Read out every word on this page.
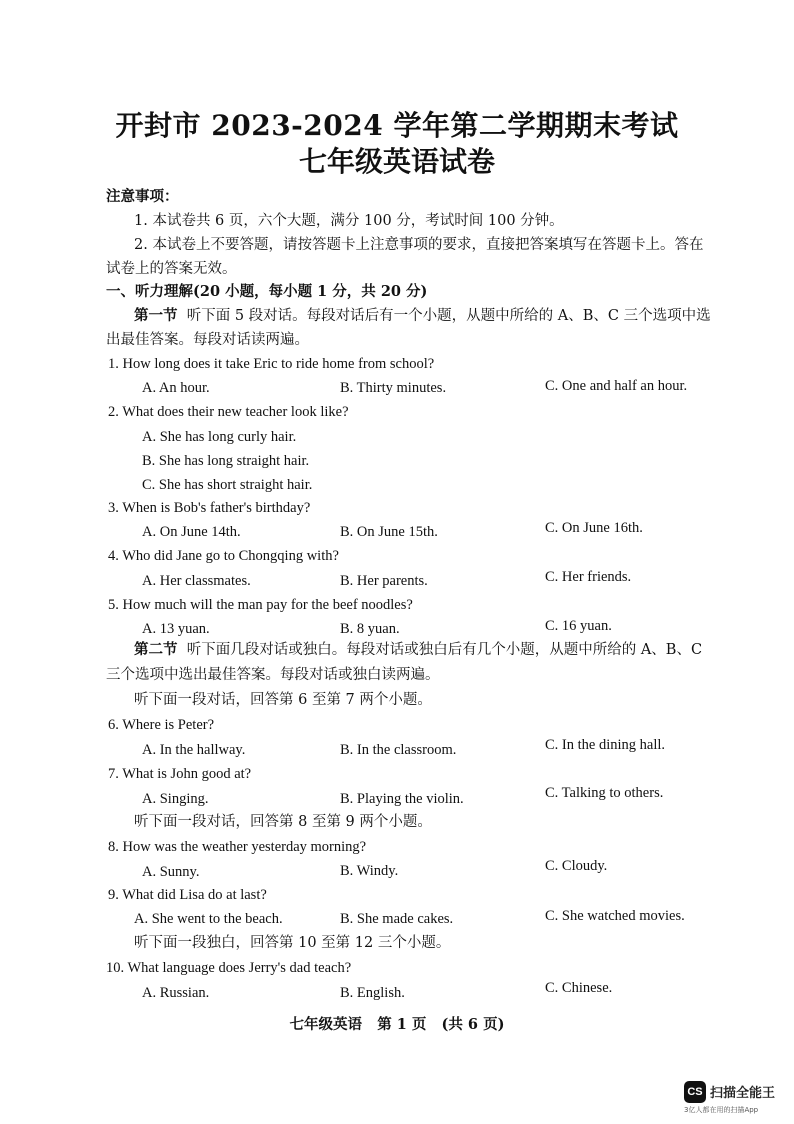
开封市 2023-2024 学年第二学期期末考试
七年级英语试卷
注意事项：
1. 本试卷共 6 页，六个大题，满分 100 分，考试时间 100 分钟。
2. 本试卷上不要答题，请按答题卡上注意事项的要求，直接把答案填写在答题卡上。答在
试卷上的答案无效。
一、听力理解(20 小题，每小题 1 分，共 20 分)
第一节 听下面 5 段对话。每段对话后有一个小题，从题中所给的 A、B、C 三个选项中选
出最佳答案。每段对话读两遍。
1. How long does it take Eric to ride home from school?
A. An hour.	B. Thirty minutes.	C. One and half an hour.
2. What does their new teacher look like?
A. She has long curly hair.
B. She has long straight hair.
C. She has short straight hair.
3. When is Bob's father's birthday?
A. On June 14th.	B. On June 15th.	C. On June 16th.
4. Who did Jane go to Chongqing with?
A. Her classmates.	B. Her parents.	C. Her friends.
5. How much will the man pay for the beef noodles?
A. 13 yuan.	B. 8 yuan.	C. 16 yuan.
第二节 听下面几段对话或独白。每段对话或独白后有几个小题，从题中所给的 A、B、C
三个选项中选出最佳答案。每段对话或独白读两遍。
听下面一段对话，回答第 6 至第 7 两个小题。
6. Where is Peter?
A. In the hallway.	B. In the classroom.	C. In the dining hall.
7. What is John good at?
A. Singing.	B. Playing the violin.	C. Talking to others.
听下面一段对话，回答第 8 至第 9 两个小题。
8. How was the weather yesterday morning?
A. Sunny.	B. Windy.	C. Cloudy.
9. What did Lisa do at last?
A. She went to the beach.	B. She made cakes.	C. She watched movies.
听下面一段独白，回答第 10 至第 12 三个小题。
10. What language does Jerry's dad teach?
A. Russian.	B. English.	C. Chinese.
七年级英语   第 1 页   (共 6 页)
CS 扫描全能王
3亿人都在用的扫描App
